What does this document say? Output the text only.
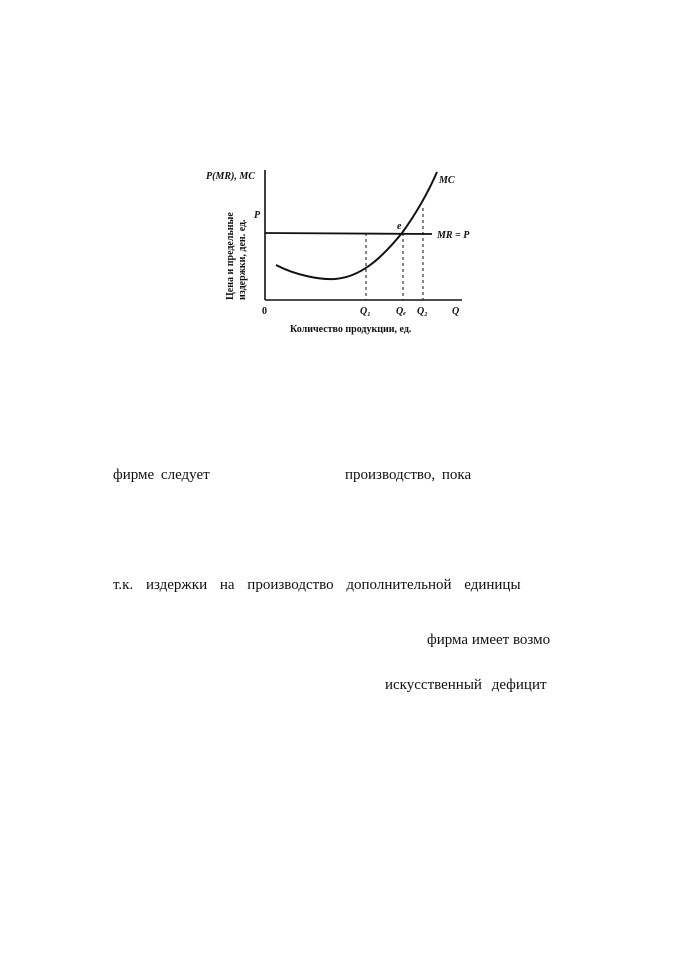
P(MR), MC
Цена и предельные издержки, ден. ед.
P
0	Q₁	Qₑ Q₂ Q
Количество продукции, ед.
MC
MR = P
e
фирме следует	производство, пока
т.к. издержки на производство дополнительной единицы
фирма имеет возмо
искусственный дефицит
